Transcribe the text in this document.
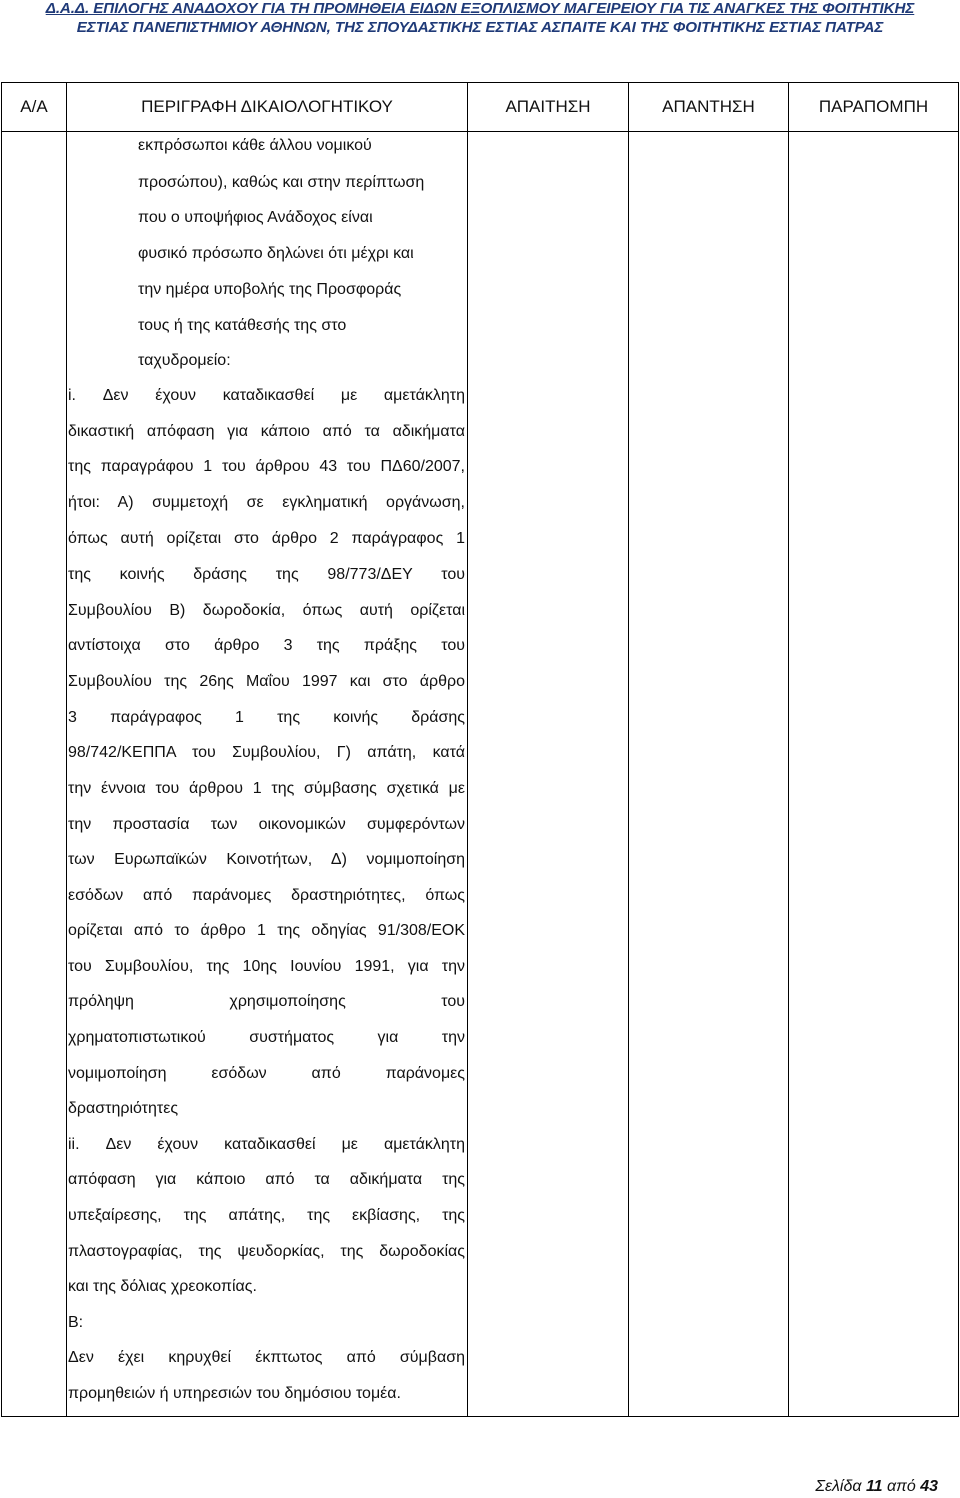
Δ.Α.Δ. ΕΠΙΛΟΓΗΣ ΑΝΑΔΟΧΟΥ ΓΙΑ ΤΗ ΠΡΟΜΗΘΕΙΑ ΕΙΔΩΝ ΕΞΟΠΛΙΣΜΟΥ ΜΑΓΕΙΡΕΙΟΥ ΓΙΑ ΤΙΣ ΑΝΑΓΚΕΣ ΤΗΣ ΦΟΙΤΗΤΙΚΗΣ
ΕΣΤΙΑΣ ΠΑΝΕΠΙΣΤΗΜΙΟΥ ΑΘΗΝΩΝ, ΤΗΣ ΣΠΟΥΔΑΣΤΙΚΗΣ ΕΣΤΙΑΣ ΑΣΠΑΙΤΕ ΚΑΙ ΤΗΣ ΦΟΙΤΗΤΙΚΗΣ ΕΣΤΙΑΣ ΠΑΤΡΑΣ
Α/Α	ΠΕΡΙΓΡΑΦΗ ΔΙΚΑΙΟΛΟΓΗΤΙΚΟΥ	ΑΠΑΙΤΗΣΗ	ΑΠΑΝΤΗΣΗ	ΠΑΡΑΠΟΜΠΗ
εκπρόσωποι κάθε άλλου νομικού
προσώπου), καθώς και στην περίπτωση
που ο υποψήφιος Ανάδοχος είναι
φυσικό πρόσωπο δηλώνει ότι μέχρι και
την ημέρα υποβολής της Προσφοράς
τους ή της κατάθεσής της στο
ταχυδρομείο:
i. Δεν έχουν καταδικασθεί με αμετάκλητη
δικαστική απόφαση για κάποιο από τα αδικήματα
της παραγράφου 1 του άρθρου 43 του ΠΔ60/2007,
ήτοι: Α) συμμετοχή σε εγκληματική οργάνωση,
όπως αυτή ορίζεται στο άρθρο 2 παράγραφος 1
της κοινής δράσης της 98/773/ΔΕΥ του
Συμβουλίου Β) δωροδοκία, όπως αυτή ορίζεται
αντίστοιχα στο άρθρο 3 της πράξης του
Συμβουλίου της 26ης Μαΐου 1997 και στο άρθρο
3 παράγραφος 1 της κοινής δράσης
98/742/ΚΕΠΠΑ του Συμβουλίου, Γ) απάτη, κατά
την έννοια του άρθρου 1 της σύμβασης σχετικά με
την προστασία των οικονομικών συμφερόντων
των Ευρωπαϊκών Κοινοτήτων, Δ) νομιμοποίηση
εσόδων από παράνομες δραστηριότητες, όπως
ορίζεται από το άρθρο 1 της οδηγίας 91/308/ΕΟΚ
του Συμβουλίου, της 10ης Ιουνίου 1991, για την
πρόληψη χρησιμοποίησης του
χρηματοπιστωτικού συστήματος για την
νομιμοποίηση εσόδων από παράνομες
δραστηριότητες
ii. Δεν έχουν καταδικασθεί με αμετάκλητη
απόφαση για κάποιο από τα αδικήματα της
υπεξαίρεσης, της απάτης, της εκβίασης, της
πλαστογραφίας, της ψευδορκίας, της δωροδοκίας
και της δόλιας χρεοκοπίας.
Β:
Δεν έχει κηρυχθεί έκπτωτος από σύμβαση
προμηθειών ή υπηρεσιών του δημόσιου τομέα.
Σελίδα 11 από 43
